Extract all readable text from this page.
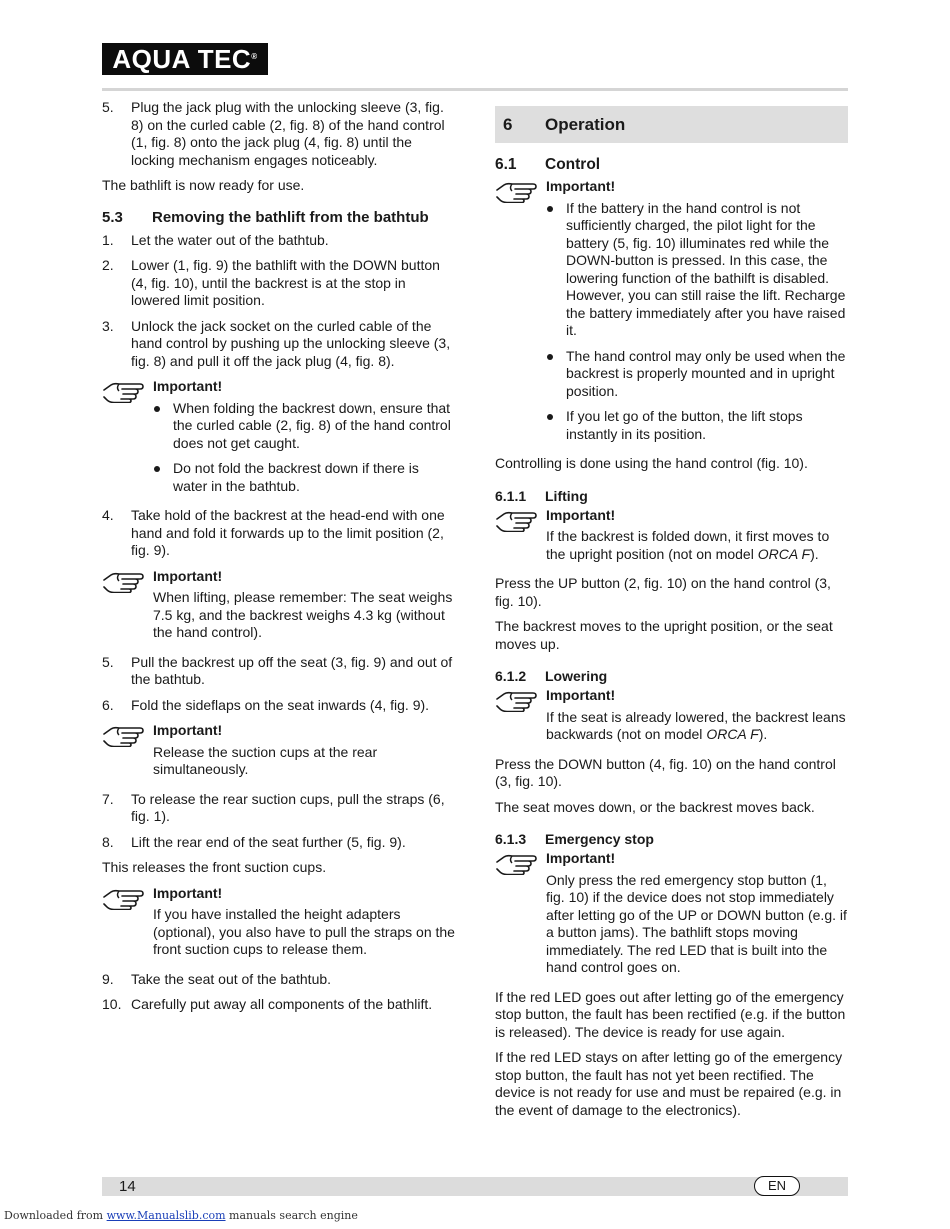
AQUA TEC®
5. Plug the jack plug with the unlocking sleeve (3, fig. 8) on the curled cable (2, fig. 8) of the hand control (1, fig. 8) onto the jack plug (4, fig. 8) until the locking mechanism engages noticeably.

The bathlift is now ready for use.

5.3 Removing the bathlift from the bathtub
1. Let the water out of the bathtub.
2. Lower (1, fig. 9) the bathlift with the DOWN button (4, fig. 10), until the backrest is at the stop in lowered limit position.
3. Unlock the jack socket on the curled cable of the hand control by pushing up the unlocking sleeve (3, fig. 8) and pull it off the jack plug (4, fig. 8).
Important!
When folding the backrest down, ensure that the curled cable (2, fig. 8) of the hand control does not get caught.
Do not fold the backrest down if there is water in the bathtub.
4. Take hold of the backrest at the head-end with one hand and fold it forwards up to the limit position (2, fig. 9).
Important!

When lifting, please remember: The seat weighs 7.5 kg, and the backrest weighs 4.3 kg (without the hand control).

5. Pull the backrest up off the seat (3, fig. 9) and out of the bathtub.
6. Fold the sideflaps on the seat inwards (4, fig. 9).
Important!

Release the suction cups at the rear simultaneously.

7. To release the rear suction cups, pull the straps (6, fig. 1).
8. Lift the rear end of the seat further (5, fig. 9).

This releases the front suction cups.

Important!

If you have installed the height adapters (optional), you also have to pull the straps on the front suction cups to release them.

9. Take the seat out of the bathtub.
10. Carefully put away all components of the bathlift.
6 Operation
6.1 Control
Important!
If the battery in the hand control is not sufficiently charged, the pilot light for the battery (5, fig. 10) illuminates red while the DOWN-button is pressed. In this case, the lowering function of the bathilft is disabled. However, you can still raise the lift. Recharge the battery immediately after you have raised it.
The hand control may only be used when the backrest is properly mounted and in upright position.
If you let go of the button, the lift stops instantly in its position.

Controlling is done using the hand control (fig. 10).

6.1.1 Lifting
Important!

If the backrest is folded down, it first moves to the upright position (not on model ORCA F).

Press the UP button (2, fig. 10) on the hand control (3, fig. 10).

The backrest moves to the upright position, or the seat moves up.

6.1.2 Lowering
Important!

If the seat is already lowered, the backrest leans backwards (not on model ORCA F).

Press the DOWN button (4, fig. 10) on the hand control (3, fig. 10).

The seat moves down, or the backrest moves back.

6.1.3 Emergency stop
Important!

Only press the red emergency stop button (1, fig. 10) if the device does not stop immediately after letting go of the UP or DOWN button (e.g. if a button jams). The bathlift stops moving immediately. The red LED that is built into the hand control goes on.

If the red LED goes out after letting go of the emergency stop button, the fault has been rectified (e.g. if the button is released). The device is ready for use again.

If the red LED stays on after letting go of the emergency stop button, the fault has not yet been rectified. The device is not ready for use and must be repaired (e.g. in the event of damage to the electronics).

14	EN
Downloaded from www.Manualslib.com manuals search engine
